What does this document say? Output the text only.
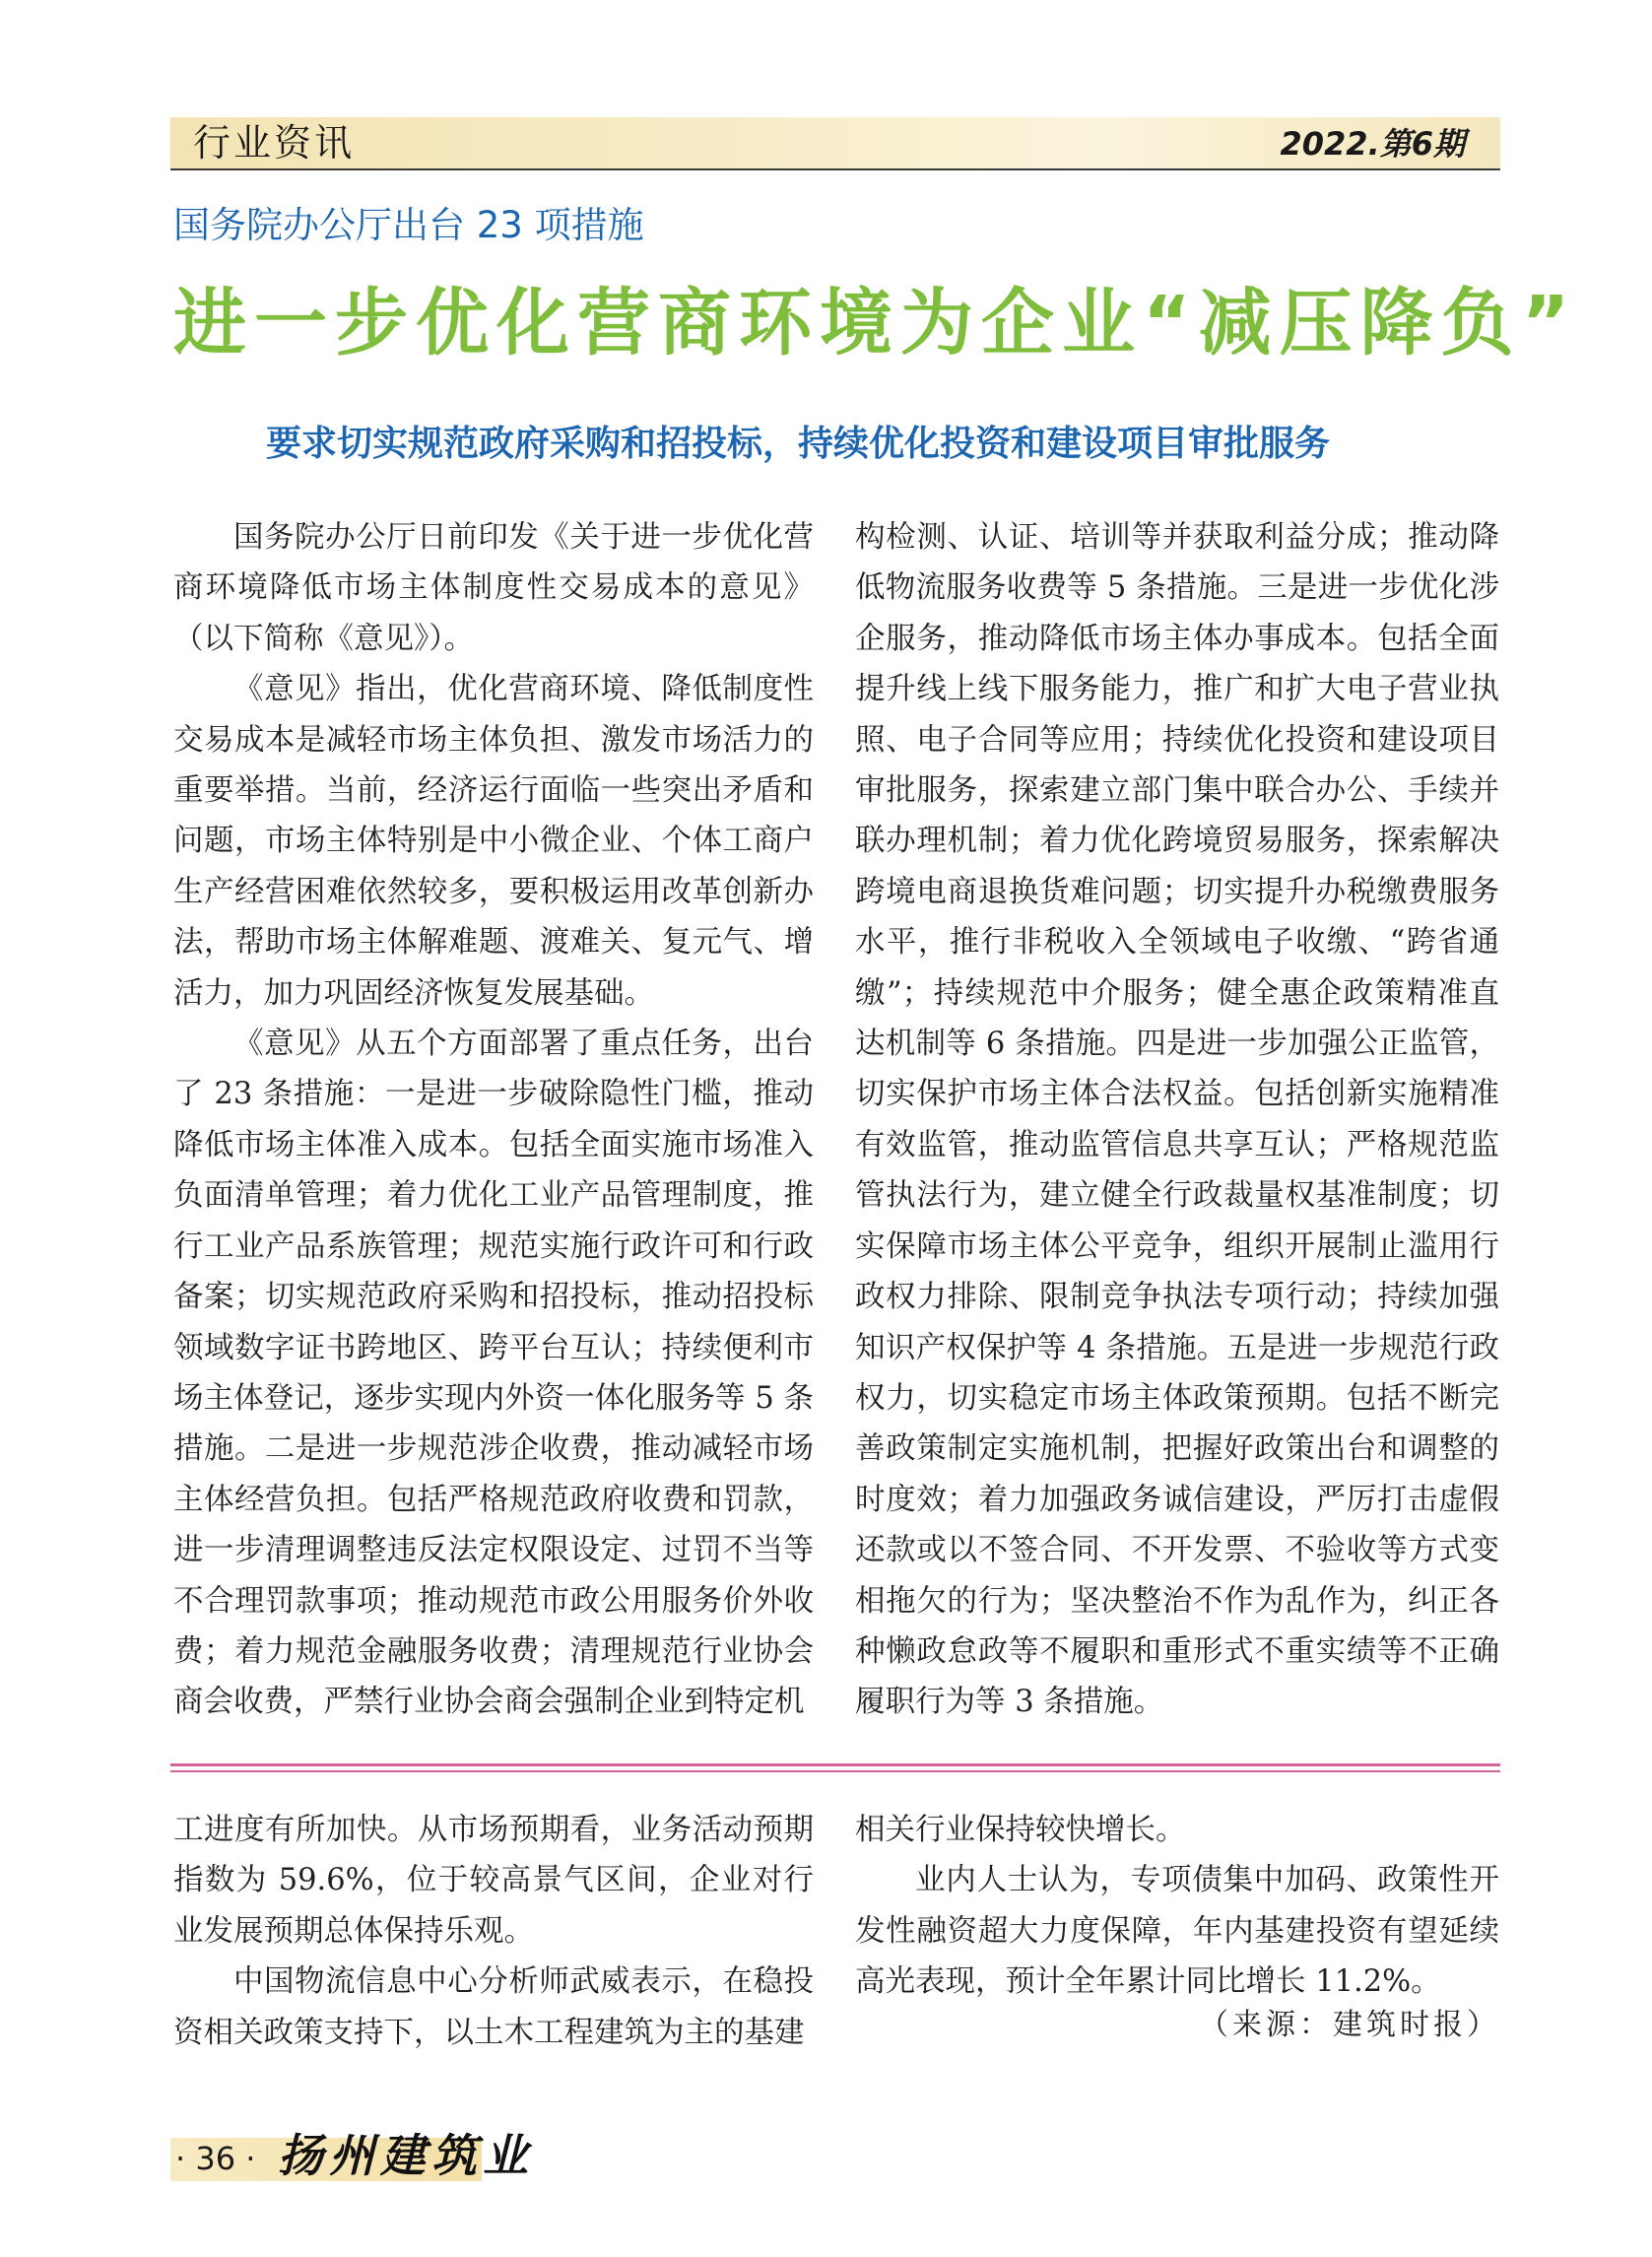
行业资讯	2022.第6期
国务院办公厅出台 23 项措施
进一步优化营商环境为企业“减压降负”
要求切实规范政府采购和招投标，持续优化投资和建设项目审批服务

国务院办公厅日前印发《关于进一步优化营商环境降低市场主体制度性交易成本的意见》（以下简称《意见》）。

《意见》指出，优化营商环境、降低制度性交易成本是减轻市场主体负担、激发市场活力的重要举措。当前，经济运行面临一些突出矛盾和问题，市场主体特别是中小微企业、个体工商户生产经营困难依然较多，要积极运用改革创新办法，帮助市场主体解难题、渡难关、复元气、增活力，加力巩固经济恢复发展基础。

《意见》从五个方面部署了重点任务，出台了 23 条措施：一是进一步破除隐性门槛，推动降低市场主体准入成本。包括全面实施市场准入负面清单管理；着力优化工业产品管理制度，推行工业产品系族管理；规范实施行政许可和行政备案；切实规范政府采购和招投标，推动招投标领域数字证书跨地区、跨平台互认；持续便利市场主体登记，逐步实现内外资一体化服务等 5 条措施。二是进一步规范涉企收费，推动减轻市场主体经营负担。包括严格规范政府收费和罚款，进一步清理调整违反法定权限设定、过罚不当等不合理罚款事项；推动规范市政公用服务价外收费；着力规范金融服务收费；清理规范行业协会商会收费，严禁行业协会商会强制企业到特定机

构检测、认证、培训等并获取利益分成；推动降低物流服务收费等 5 条措施。三是进一步优化涉企服务，推动降低市场主体办事成本。包括全面提升线上线下服务能力，推广和扩大电子营业执照、电子合同等应用；持续优化投资和建设项目审批服务，探索建立部门集中联合办公、手续并联办理机制；着力优化跨境贸易服务，探索解决跨境电商退换货难问题；切实提升办税缴费服务水平，推行非税收入全领域电子收缴、“跨省通缴”；持续规范中介服务；健全惠企政策精准直达机制等 6 条措施。四是进一步加强公正监管，切实保护市场主体合法权益。包括创新实施精准有效监管，推动监管信息共享互认；严格规范监管执法行为，建立健全行政裁量权基准制度；切实保障市场主体公平竞争，组织开展制止滥用行政权力排除、限制竞争执法专项行动；持续加强知识产权保护等 4 条措施。五是进一步规范行政权力，切实稳定市场主体政策预期。包括不断完善政策制定实施机制，把握好政策出台和调整的时度效；着力加强政务诚信建设，严厉打击虚假还款或以不签合同、不开发票、不验收等方式变相拖欠的行为；坚决整治不作为乱作为，纠正各种懒政怠政等不履职和重形式不重实绩等不正确履职行为等 3 条措施。

工进度有所加快。从市场预期看，业务活动预期指数为 59.6%，位于较高景气区间，企业对行业发展预期总体保持乐观。

中国物流信息中心分析师武威表示，在稳投资相关政策支持下，以土木工程建筑为主的基建

相关行业保持较快增长。

业内人士认为，专项债集中加码、政策性开发性融资超大力度保障，年内基建投资有望延续高光表现，预计全年累计同比增长 11.2%。

（来源：建筑时报）
· 36 · 扬州建筑业
